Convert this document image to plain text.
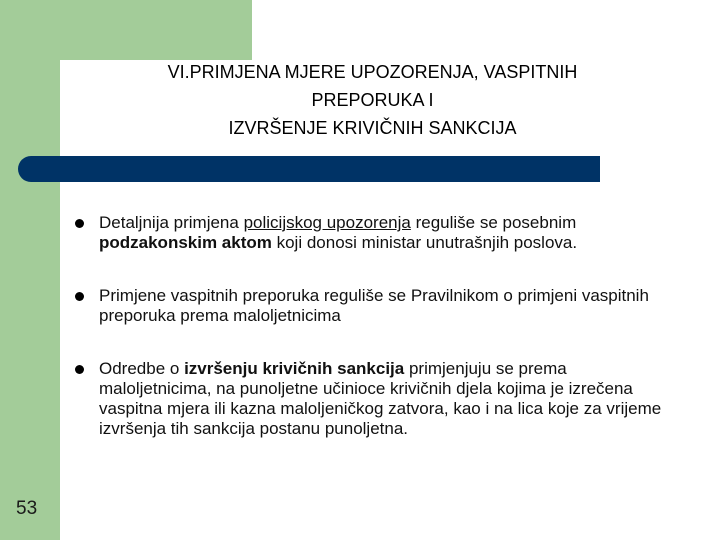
VI.PRIMJENA MJERE UPOZORENJA, VASPITNIH
PREPORUKA I
IZVRŠENJE KRIVIČNIH SANKCIJA
Detaljnija primjena policijskog upozorenja reguliše se posebnim podzakonskim aktom koji donosi ministar unutrašnjih poslova.
Primjene vaspitnih preporuka reguliše se Pravilnikom o primjeni vaspitnih preporuka prema maloljetnicima
Odredbe o izvršenju krivičnih sankcija primjenjuju se prema maloljetnicima, na punoljetne učinioce krivičnih djela kojima je izrečena vaspitna mjera ili kazna maloljeničkog zatvora, kao i na lica koje za vrijeme izvršenja tih sankcija postanu punoljetna.
53
